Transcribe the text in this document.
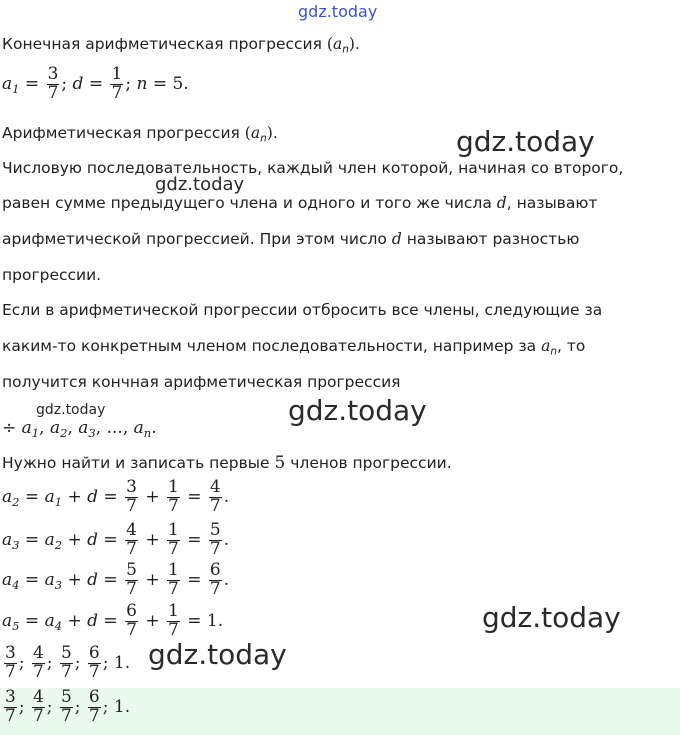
gdz.today
gdz.today
gdz.today
gdz.today	gdz.today
gdz.today
gdz.today
Конечная арифметическая прогрессия $(a_n)$.
$a_1 = \frac{3}{7}$ ; $d = \frac{1}{7}$ ; n = 5.
Арифметическая прогрессия $(a_n)$.
Числовую последовательность, каждый член которой, начиная со второго,
равен сумме предыдущего члена и одного и того же числа d, называют
арифметической прогрессией. При этом число d называют разностью
прогрессии.
Если в арифметической прогрессии отбросить все члены, следующие за
каким-то конкретным членом последовательности, например за $a_n$, то
получится кончная арифметическая прогрессия
÷ $a_1$, $a_2$, $a_3$, ..., $a_n$.
Нужно найти и записать первые 5 членов прогрессии.
$a_2 = a_1 + d = \frac{3}{7} + \frac{1}{7} = \frac{4}{7}$ .
$a_3 = a_2 + d = \frac{4}{7} + \frac{1}{7} = \frac{5}{7}$ .
$a_4 = a_3 + d = \frac{5}{7} + \frac{1}{7} = \frac{6}{7}$ .
$a_5 = a_4 + d = \frac{6}{7} + \frac{1}{7} = 1$.
$\frac{3}{7}$ ; $\frac{4}{7}$ ; $\frac{5}{7}$ ; $\frac{6}{7}$ ; 1.
$\frac{3}{7}$ ; $\frac{4}{7}$ ; $\frac{5}{7}$ ; $\frac{6}{7}$ ; 1.
